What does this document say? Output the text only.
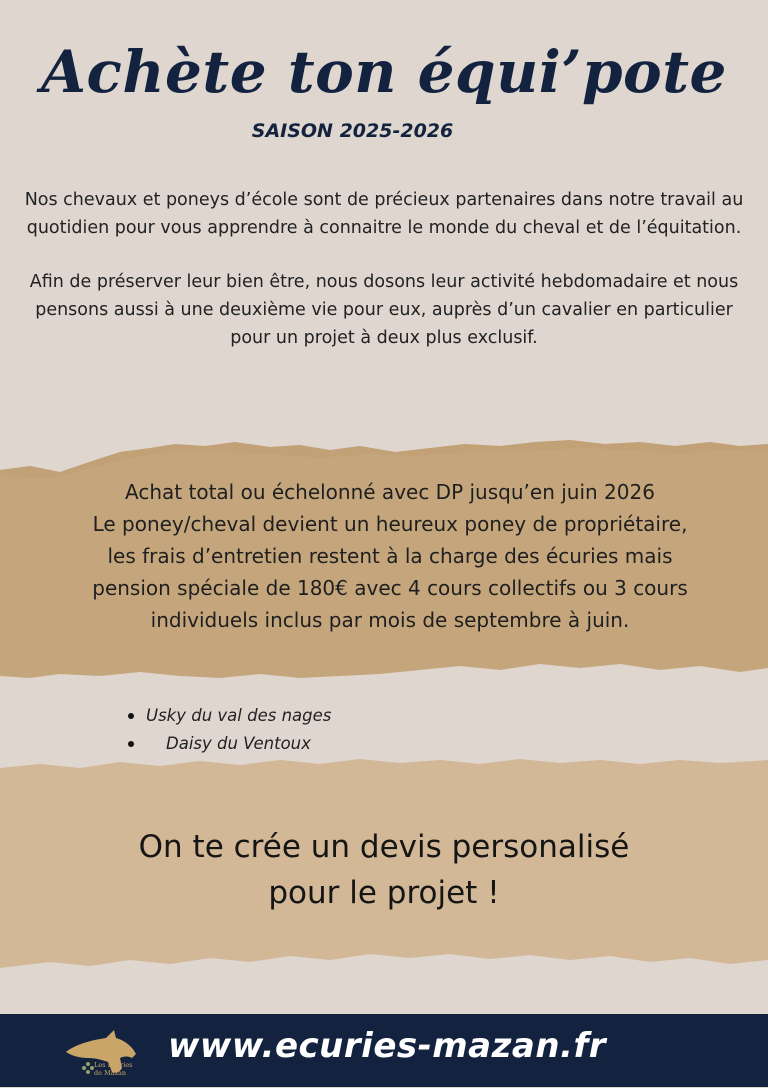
Achète ton équi’pote
SAISON 2025-2026

Nos chevaux et poneys d’école sont de précieux partenaires dans notre travail au quotidien pour vous apprendre à connaitre le monde du cheval et de l’équitation.

Afin de préserver leur bien être, nous dosons leur activité hebdomadaire et nous pensons aussi à une deuxième vie pour eux, auprès d’un cavalier en particulier pour un projet à deux plus exclusif.

Achat total ou échelonné avec DP jusqu’en juin 2026
Le poney/cheval devient un heureux poney de propriétaire,
les frais d’entretien restent à la charge des écuries mais
pension spéciale de 180€ avec 4 cours collectifs ou 3 cours
individuels inclus par mois de septembre à juin.
Usky du val des nages
Daisy du Ventoux
On te crée un devis personalisé
pour le projet !
Les Écuries
de Mazan
www.ecuries-mazan.fr
